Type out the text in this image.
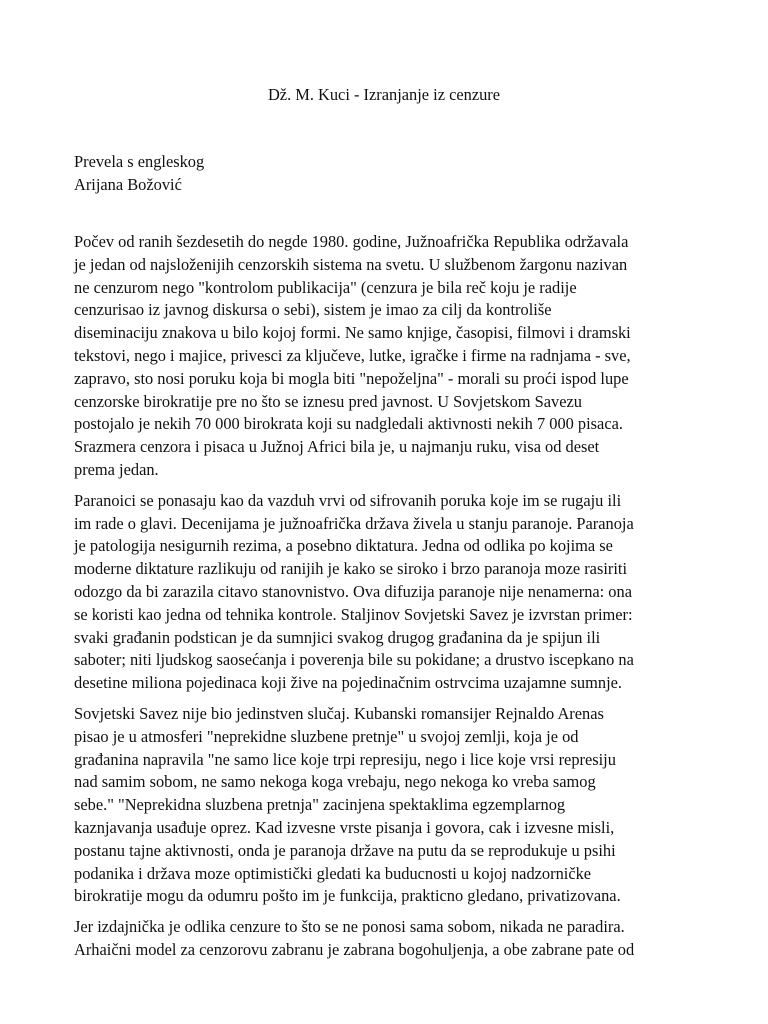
Dž. M. Kuci - Izranjanje iz cenzure
Prevela s engleskog
Arijana Božović
Počev od ranih šezdesetih do negde 1980. godine, Južnoafrička Republika održavala
je jedan od najsloženijih cenzorskih sistema na svetu. U službenom žargonu nazivan
ne cenzurom nego "kontrolom publikacija" (cenzura je bila reč koju je radije
cenzurisao iz javnog diskursa o sebi), sistem je imao za cilj da kontroliše
diseminaciju znakova u bilo kojoj formi. Ne samo knjige, časopisi, filmovi i dramski
tekstovi, nego i majice, privesci za ključeve, lutke, igračke i firme na radnjama - sve,
zapravo, sto nosi poruku koja bi mogla biti "nepoželjna" - morali su proći ispod lupe
cenzorske birokratije pre no što se iznesu pred javnost. U Sovjetskom Savezu
postojalo je nekih 70 000 birokrata koji su nadgledali aktivnosti nekih 7 000 pisaca.
Srazmera cenzora i pisaca u Južnoj Africi bila je, u najmanju ruku, visa od deset
prema jedan.
Paranoici se ponasaju kao da vazduh vrvi od sifrovanih poruka koje im se rugaju ili
im rade o glavi. Decenijama je južnoafrička država živela u stanju paranoje. Paranoja
je patologija nesigurnih rezima, a posebno diktatura. Jedna od odlika po kojima se
moderne diktature razlikuju od ranijih je kako se siroko i brzo paranoja moze rasiriti
odozgo da bi zarazila citavo stanovnistvo. Ova difuzija paranoje nije nenamerna: ona
se koristi kao jedna od tehnika kontrole. Staljinov Sovjetski Savez je izvrstan primer:
svaki građanin podstican je da sumnjici svakog drugog građanina da je spijun ili
saboter; niti ljudskog saosećanja i poverenja bile su pokidane; a drustvo iscepkano na
desetine miliona pojedinaca koji žive na pojedinačnim ostrvcima uzajamne sumnje.
Sovjetski Savez nije bio jedinstven slučaj. Kubanski romansijer Rejnaldo Arenas
pisao je u atmosferi "neprekidne sluzbene pretnje" u svojoj zemlji, koja je od
građanina napravila "ne samo lice koje trpi represiju, nego i lice koje vrsi represiju
nad samim sobom, ne samo nekoga koga vrebaju, nego nekoga ko vreba samog
sebe." "Neprekidna sluzbena pretnja" zacinjena spektaklima egzemplarnog
kaznjavanja usađuje oprez. Kad izvesne vrste pisanja i govora, cak i izvesne misli,
postanu tajne aktivnosti, onda je paranoja države na putu da se reprodukuje u psihi
podanika i država moze optimistički gledati ka buducnosti u kojoj nadzorničke
birokratije mogu da odumru pošto im je funkcija, prakticno gledano, privatizovana.
Jer izdajnička je odlika cenzure to što se ne ponosi sama sobom, nikada ne paradira.
Arhaični model za cenzorovu zabranu je zabrana bogohuljenja, a obe zabrane pate od
